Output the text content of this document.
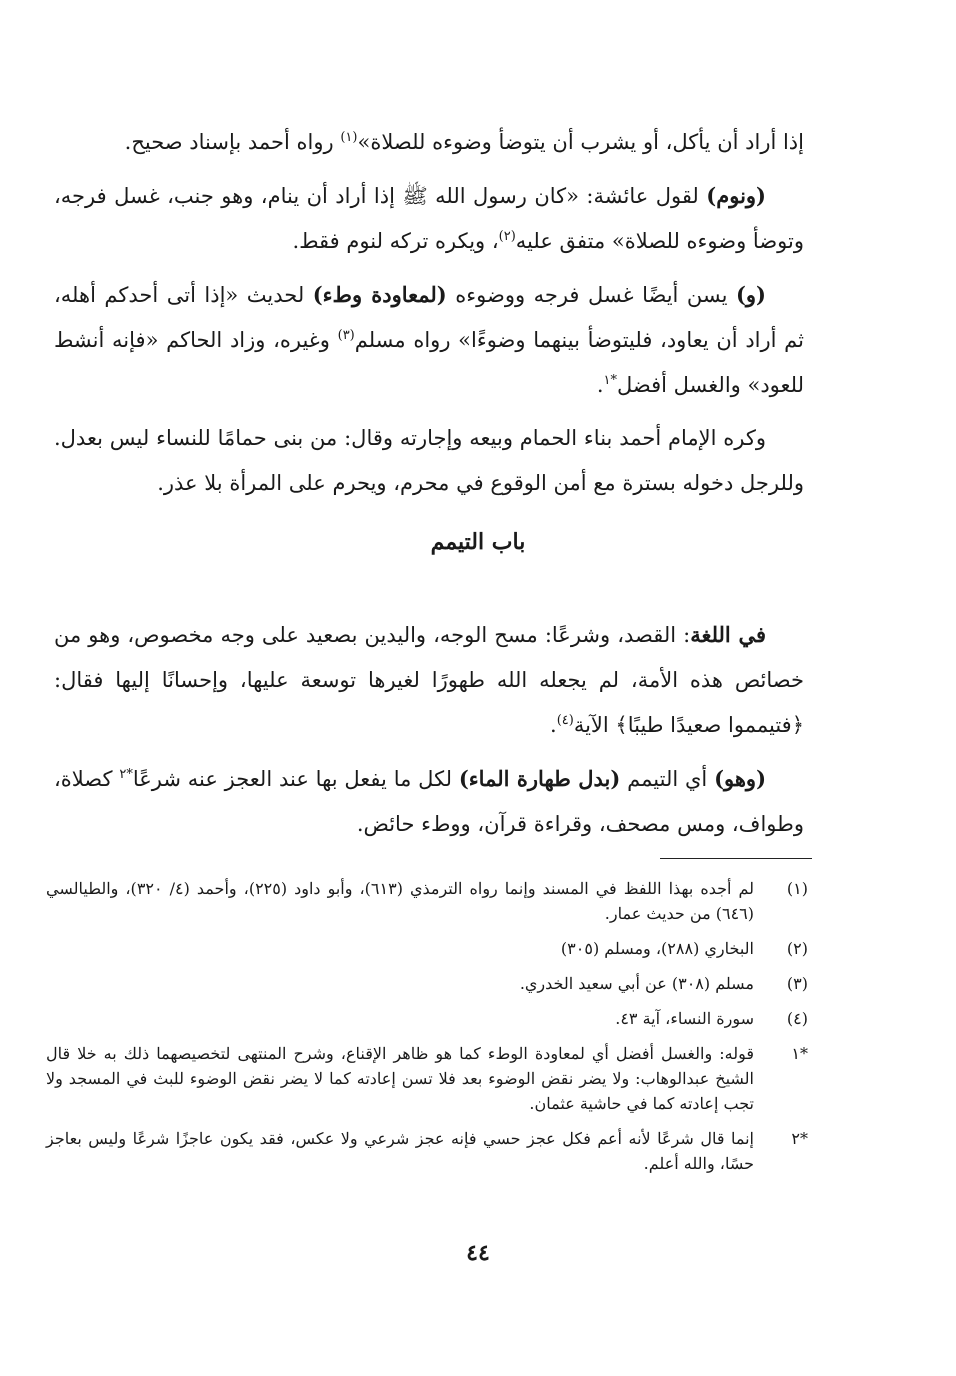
إذا أراد أن يأكل، أو يشرب أن يتوضأ وضوءه للصلاة»$^{(١)}$ رواه أحمد بإسناد صحيح.

(ونوم) لقول عائشة: «كان رسول الله ﷺ إذا أراد أن ينام، وهو جنب، غسل فرجه، وتوضأ وضوءه للصلاة» متفق عليه$^{(٢)}$، ويكره تركه لنوم فقط.

(و) يسن أيضًا غسل فرجه ووضوءه (لمعاودة وطء) لحديث «إذا أتى أحدكم أهله، ثم أراد أن يعاود، فليتوضأ بينهما وضوءًا» رواه مسلم$^{(٣)}$ وغيره، وزاد الحاكم «فإنه أنشط للعود» والغسل أفضل$^{*١}$.

وكره الإمام أحمد بناء الحمام وبيعه وإجارته وقال: من بنى حمامًا للنساء ليس بعدل. وللرجل دخوله بسترة مع أمن الوقوع في محرم، ويحرم على المرأة بلا عذر.

باب التيمم

في اللغة: القصد، وشرعًا: مسح الوجه، واليدين بصعيد على وجه مخصوص، وهو من خصائص هذه الأمة، لم يجعله الله طهورًا لغيرها توسعة عليها، وإحسانًا إليها فقال: ﴿فتيمموا صعيدًا طيبًا﴾ الآية$^{(٤)}$.

(وهو) أي التيمم (بدل طهارة الماء) لكل ما يفعل بها عند العجز عنه شرعًا$^{*٢}$ كصلاة، وطواف، ومس مصحف، وقراءة قرآن، ووطء حائض.

(١)
لم أجده بهذا اللفظ في المسند وإنما رواه الترمذي (٦١٣)، وأبو داود (٢٢٥)، وأحمد (٤/ ٣٢٠)، والطيالسي (٦٤٦) من حديث عمار.
(٢)
البخاري (٢٨٨)، ومسلم (٣٠٥)
(٣)
مسلم (٣٠٨) عن أبي سعيد الخدري.
(٤)
سورة النساء، آية ٤٣.
*١
قوله: والغسل أفضل أي لمعاودة الوطء كما هو ظاهر الإقناع، وشرح المنتهى لتخصيصهما ذلك به خلا قال الشيخ عبدالوهاب: ولا يضر نقض الوضوء بعد فلا تسن إعادته كما لا يضر نقض الوضوء للبث في المسجد ولا تجب إعادته كما في حاشية عثمان.
*٢
إنما قال شرعًا لأنه أعم فكل عجز حسي فإنه عجز شرعي ولا عكس، فقد يكون عاجزًا شرعًا وليس بعاجز حسًا، والله أعلم.
٤٤
